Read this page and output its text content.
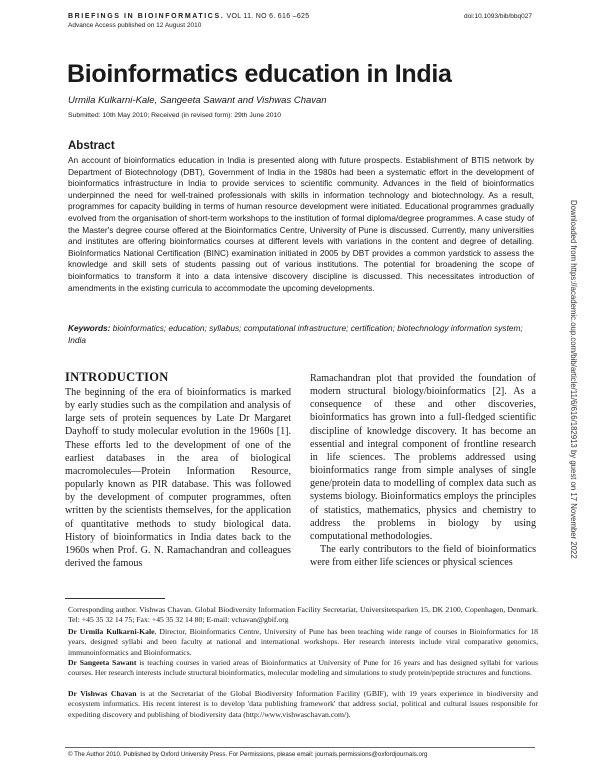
BRIEFINGS IN BIOINFORMATICS. VOL 11. NO 6. 616 –625
Advance Access published on 12 August 2010
doi:10.1093/bib/bbq027
Bioinformatics education in India
Urmila Kulkarni-Kale, Sangeeta Sawant and Vishwas Chavan
Submitted: 10th May 2010; Received (in revised form): 29th June 2010
Abstract
An account of bioinformatics education in India is presented along with future prospects. Establishment of BTIS network by Department of Biotechnology (DBT), Government of India in the 1980s had been a systematic effort in the development of bioinformatics infrastructure in India to provide services to scientific community. Advances in the field of bioinformatics underpinned the need for well-trained professionals with skills in information technology and biotechnology. As a result, programmes for capacity building in terms of human resource development were initiated. Educational programmes gradually evolved from the organisation of short-term workshops to the institution of formal diploma/degree programmes. A case study of the Master's degree course offered at the Bioinformatics Centre, University of Pune is discussed. Currently, many universities and institutes are offering bioinformatics courses at different levels with variations in the content and degree of detailing. BioInformatics National Certification (BINC) examination initiated in 2005 by DBT provides a common yardstick to assess the knowledge and skill sets of students passing out of various institutions. The potential for broadening the scope of bioinformatics to transform it into a data intensive discovery discipline is discussed. This necessitates introduction of amendments in the existing curricula to accommodate the upcoming developments.
Keywords: bioinformatics; education; syllabus; computational infrastructure; certification; biotechnology information system; India
INTRODUCTION

The beginning of the era of bioinformatics is marked by early studies such as the compilation and analysis of large sets of protein sequences by Late Dr Margaret Dayhoff to study molecular evolution in the 1960s [1]. These efforts led to the development of one of the earliest databases in the area of biological macromolecules—Protein Information Resource, popularly known as PIR database. This was followed by the development of computer programmes, often written by the scientists themselves, for the application of quantitative methods to study biological data. History of bioinformatics in India dates back to the 1960s when Prof. G. N. Ramachandran and colleagues derived the famous

Ramachandran plot that provided the foundation of modern structural biology/bioinformatics [2]. As a consequence of these and other discoveries, bioinformatics has grown into a full-fledged scientific discipline of knowledge discovery. It has become an essential and integral component of frontline research in life sciences. The problems addressed using bioinformatics range from simple analyses of single gene/protein data to modelling of complex data such as systems biology. Bioinformatics employs the principles of statistics, mathematics, physics and chemistry to address the problems in biology by using computational methodologies.

The early contributors to the field of bioinformatics were from either life sciences or physical sciences

Corresponding author. Vishwas Chavan. Global Biodiversity Information Facility Secretariat, Universitetsparken 15, DK 2100, Copenhagen, Denmark. Tel: +45 35 32 14 75; Fax: +45 35 32 14 80; E-mail: vchavan@gbif.org
Dr Urmila Kulkarni-Kale, Director, Bioinformatics Centre, University of Pune has been teaching wide range of courses in Bioinformatics for 18 years, designed syllabi and been faculty at national and international workshops. Her research interests include viral comparative genomics, immunoinformatics and Bioinformatics.
Dr Sangeeta Sawant is teaching courses in varied areas of Bioinformatics at University of Pune for 16 years and has designed syllabi for various courses. Her research interests include structural bioinformatics, molecular modeling and simulations to study protein/peptide structures and functions.
Dr Vishwas Chavan is at the Secretariat of the Global Biodiversity Information Facility (GBIF), with 19 years experience in biodiversity and ecosystem informatics. His recent interest is to develop 'data publishing framework' that address social, political and cultural issues responsible for expediting discovery and publishing of biodiversity data (http://www.vishwaschavan.com/).
© The Author 2010. Published by Oxford University Press. For Permissions, please email: journals.permissions@oxfordjournals.org
Downloaded from https://academic.oup.com/bib/article/11/6/616/182913 by guest on 17 November 2022
